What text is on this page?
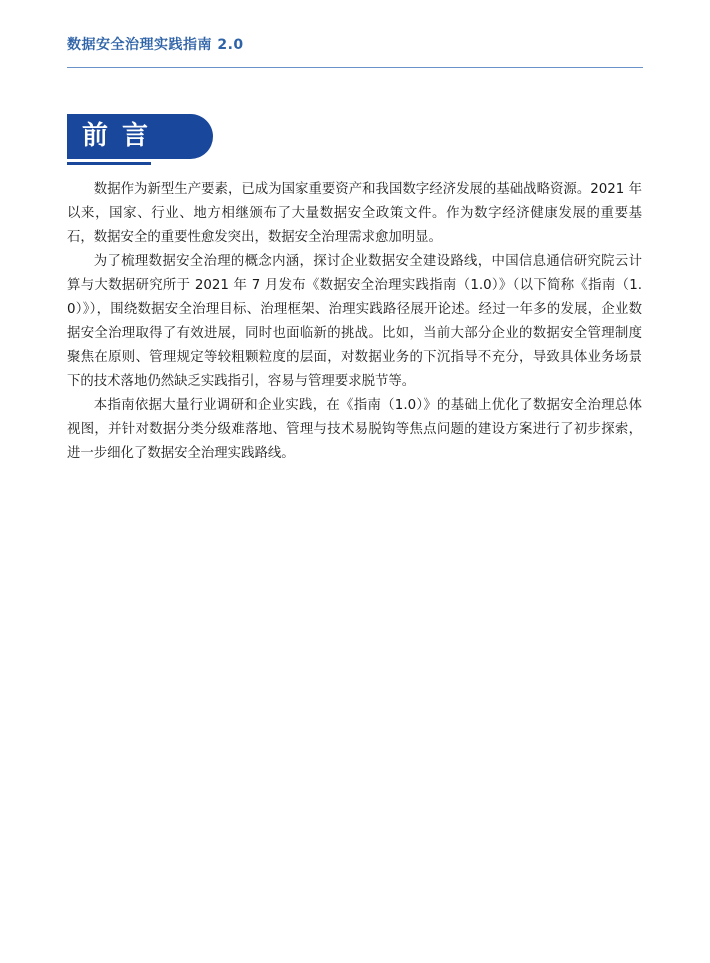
数据安全治理实践指南 2.0
前言

数据作为新型生产要素，已成为国家重要资产和我国数字经济发展的基础战略资源。2021 年以来，国家、行业、地方相继颁布了大量数据安全政策文件。作为数字经济健康发展的重要基石，数据安全的重要性愈发突出，数据安全治理需求愈加明显。

为了梳理数据安全治理的概念内涵，探讨企业数据安全建设路线，中国信息通信研究院云计算与大数据研究所于 2021 年 7 月发布《数据安全治理实践指南（1.0）》（以下简称《指南（1.0）》），围绕数据安全治理目标、治理框架、治理实践路径展开论述。经过一年多的发展，企业数据安全治理取得了有效进展，同时也面临新的挑战。比如，当前大部分企业的数据安全管理制度聚焦在原则、管理规定等较粗颗粒度的层面，对数据业务的下沉指导不充分，导致具体业务场景下的技术落地仍然缺乏实践指引，容易与管理要求脱节等。

本指南依据大量行业调研和企业实践，在《指南（1.0）》的基础上优化了数据安全治理总体视图，并针对数据分类分级难落地、管理与技术易脱钩等焦点问题的建设方案进行了初步探索，进一步细化了数据安全治理实践路线。
